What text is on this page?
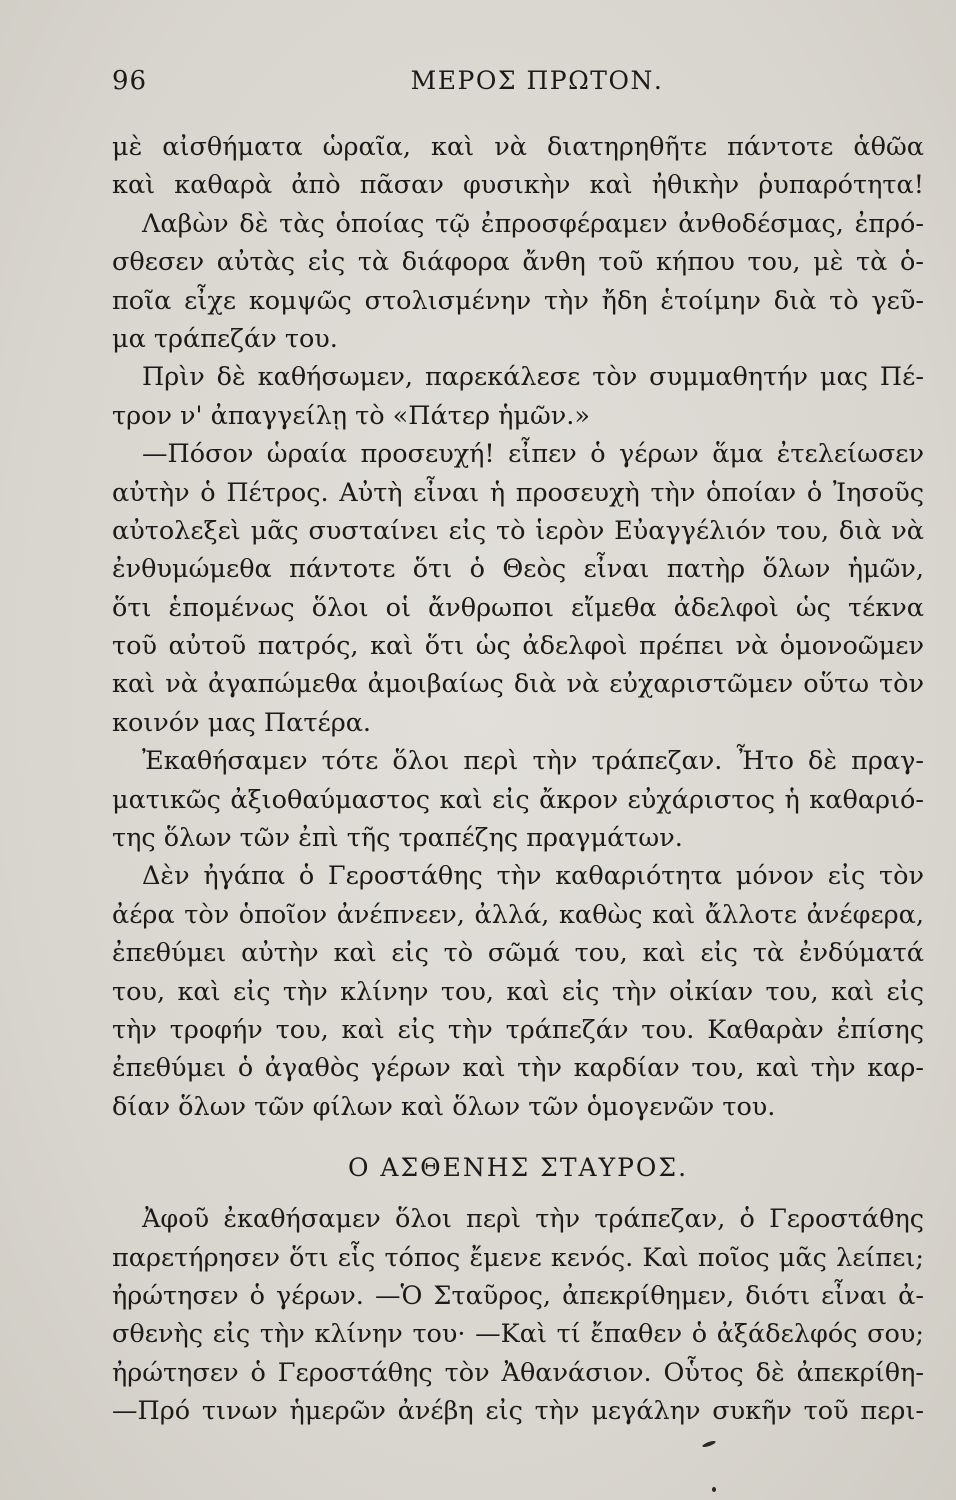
96	ΜΕΡΟΣ ΠΡΩΤΟΝ.
μὲ αἰσθήματα ὡραῖα, καὶ νὰ διατηρηθῆτε πάντοτε ἁθῶα
καὶ καθαρὰ ἀπὸ πᾶσαν φυσικὴν καὶ ἠθικὴν ῥυπαρότητα!
Λαβὼν δὲ τὰς ὁποίας τῷ ἐπροσφέραμεν ἀνθοδέσμας, ἐπρό-
σθεσεν αὐτὰς εἰς τὰ διάφορα ἄνθη τοῦ κήπου του, μὲ τὰ ὁ-
ποῖα εἶχε κομψῶς στολισμένην τὴν ἤδη ἑτοίμην διὰ τὸ γεῦ-
μα τράπεζάν του.
Πρὶν δὲ καθήσωμεν, παρεκάλεσε τὸν συμμαθητήν μας Πέ-
τρον ν' ἀπαγγείλῃ τὸ «Πάτερ ἡμῶν.»
—Πόσον ὡραία προσευχή! εἶπεν ὁ γέρων ἅμα ἐτελείωσεν
αὐτὴν ὁ Πέτρος. Αὐτὴ εἶναι ἡ προσευχὴ τὴν ὁποίαν ὁ Ἰησοῦς
αὐτολεξεὶ μᾶς συσταίνει εἰς τὸ ἱερὸν Εὐαγγέλιόν του, διὰ νὰ
ἐνθυμώμεθα πάντοτε ὅτι ὁ Θεὸς εἶναι πατὴρ ὅλων ἡμῶν,
ὅτι ἑπομένως ὅλοι οἱ ἄνθρωποι εἴμεθα ἀδελφοὶ ὡς τέκνα
τοῦ αὐτοῦ πατρός, καὶ ὅτι ὡς ἀδελφοὶ πρέπει νὰ ὁμονοῶμεν
καὶ νὰ ἀγαπώμεθα ἀμοιβαίως διὰ νὰ εὐχαριστῶμεν οὕτω τὸν
κοινόν μας Πατέρα.
Ἐκαθήσαμεν τότε ὅλοι περὶ τὴν τράπεζαν. Ἦτο δὲ πραγ-
ματικῶς ἀξιοθαύμαστος καὶ εἰς ἄκρον εὐχάριστος ἡ καθαριό-
της ὅλων τῶν ἐπὶ τῆς τραπέζης πραγμάτων.
Δὲν ἠγάπα ὁ Γεροστάθης τὴν καθαριότητα μόνον εἰς τὸν
ἀέρα τὸν ὁποῖον ἀνέπνεεν, ἀλλά, καθὼς καὶ ἄλλοτε ἀνέφερα,
ἐπεθύμει αὐτὴν καὶ εἰς τὸ σῶμά του, καὶ εἰς τὰ ἐνδύματά
του, καὶ εἰς τὴν κλίνην του, καὶ εἰς τὴν οἰκίαν του, καὶ εἰς
τὴν τροφήν του, καὶ εἰς τὴν τράπεζάν του. Καθαρὰν ἐπίσης
ἐπεθύμει ὁ ἀγαθὸς γέρων καὶ τὴν καρδίαν του, καὶ τὴν καρ-
δίαν ὅλων τῶν φίλων καὶ ὅλων τῶν ὁμογενῶν του.
Ο ΑΣΘΕΝΗΣ ΣΤΑΥΡΟΣ.
Ἀφοῦ ἐκαθήσαμεν ὅλοι περὶ τὴν τράπεζαν, ὁ Γεροστάθης
παρετήρησεν ὅτι εἷς τόπος ἔμενε κενός. Καὶ ποῖος μᾶς λείπει;
ἠρώτησεν ὁ γέρων. —Ὁ Σταῦρος, ἀπεκρίθημεν, διότι εἶναι ἀ-
σθενὴς εἰς τὴν κλίνην του· —Καὶ τί ἔπαθεν ὁ ἀξάδελφός σου;
ἠρώτησεν ὁ Γεροστάθης τὸν Ἀθανάσιον. Οὗτος δὲ ἀπεκρίθη-
—Πρό τινων ἡμερῶν ἀνέβη εἰς τὴν μεγάλην συκῆν τοῦ περι-
